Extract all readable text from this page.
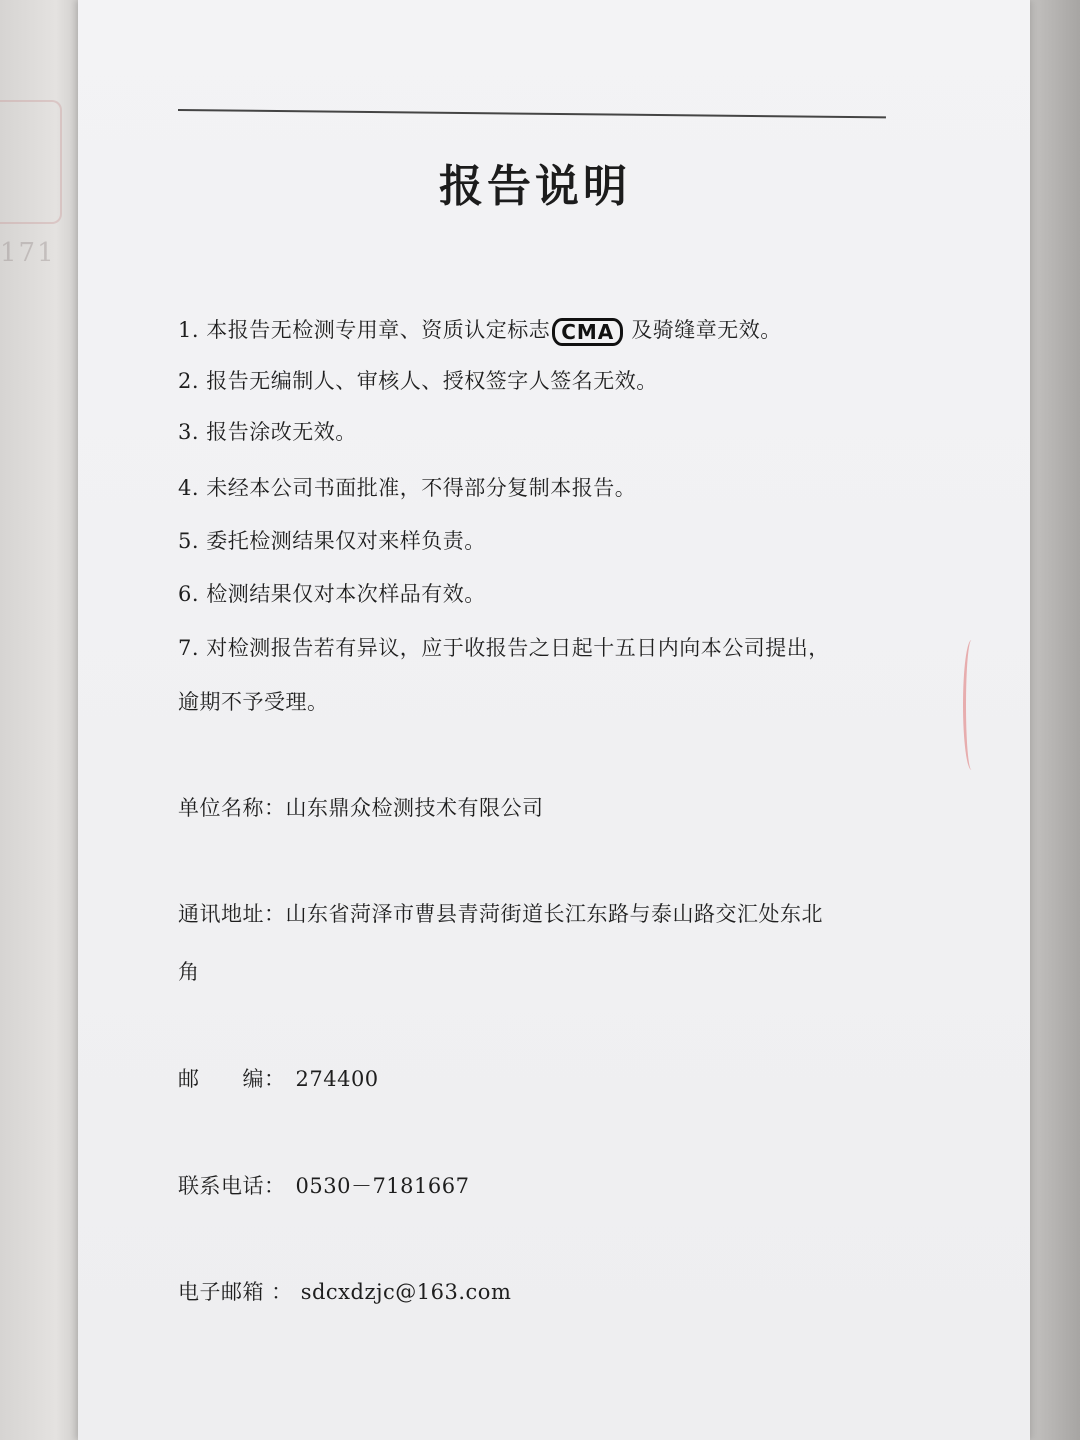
171
报告说明
1. 本报告无检测专用章、资质认定标志 CMA 及骑缝章无效。
2. 报告无编制人、审核人、授权签字人签名无效。
3. 报告涂改无效。
4. 未经本公司书面批准，不得部分复制本报告。
5. 委托检测结果仅对来样负责。
6. 检测结果仅对本次样品有效。
7. 对检测报告若有异议，应于收报告之日起十五日内向本公司提出，
逾期不予受理。
单位名称：山东鼎众检测技术有限公司
通讯地址：山东省菏泽市曹县青菏街道长江东路与泰山路交汇处东北
角
邮　　编： 274400
联系电话： 0530－7181667
电子邮箱 ： sdcxdzjc@163.com
